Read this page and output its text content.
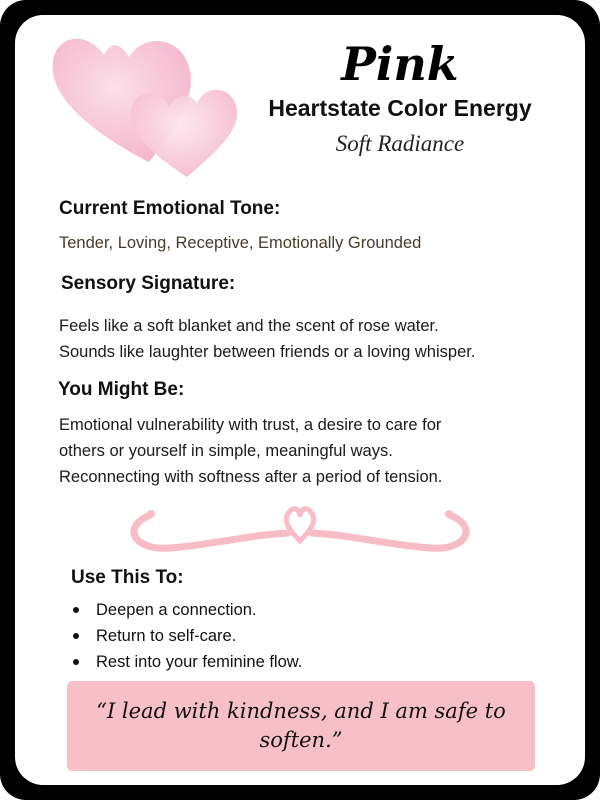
Pink
Heartstate Color Energy
Soft Radiance
Current Emotional Tone:
Tender, Loving, Receptive, Emotionally Grounded
Sensory Signature:
Feels like a soft blanket and the scent of rose water.
Sounds like laughter between friends or a loving whisper.
You Might Be:
Emotional vulnerability with trust, a desire to care for
others or yourself in simple, meaningful ways.
Reconnecting with softness after a period of tension.
Use This To:
Deepen a connection.
Return to self-care.
Rest into your feminine flow.
“I lead with kindness, and I am safe to soften.”
